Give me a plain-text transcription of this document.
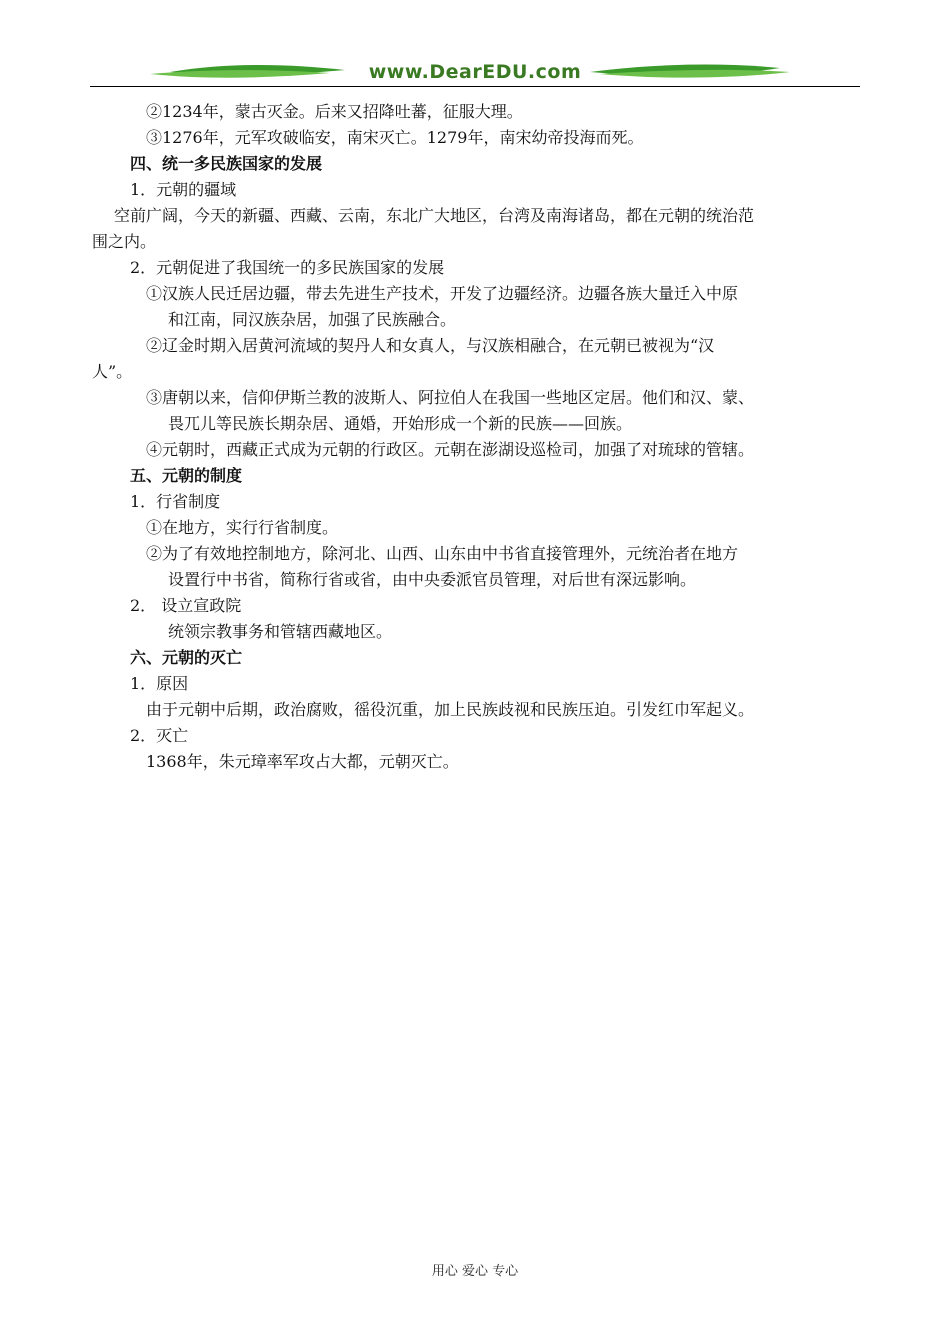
www.DearEDU.com
②1234年，蒙古灭金。后来又招降吐蕃，征服大理。
③1276年，元军攻破临安，南宋灭亡。1279年，南宋幼帝投海而死。
四、统一多民族国家的发展
1．元朝的疆域
空前广阔，今天的新疆、西藏、云南，东北广大地区，台湾及南海诸岛，都在元朝的统治范
围之内。
2．元朝促进了我国统一的多民族国家的发展
①汉族人民迁居边疆，带去先进生产技术，开发了边疆经济。边疆各族大量迁入中原
和江南，同汉族杂居，加强了民族融合。
②辽金时期入居黄河流域的契丹人和女真人，与汉族相融合，在元朝已被视为“汉
人”。
③唐朝以来，信仰伊斯兰教的波斯人、阿拉伯人在我国一些地区定居。他们和汉、蒙、
畏兀儿等民族长期杂居、通婚，开始形成一个新的民族——回族。
④元朝时，西藏正式成为元朝的行政区。元朝在澎湖设巡检司，加强了对琉球的管辖。
五、元朝的制度
1．行省制度
①在地方，实行行省制度。
②为了有效地控制地方，除河北、山西、山东由中书省直接管理外，元统治者在地方
设置行中书省，简称行省或省，由中央委派官员管理，对后世有深远影响。
2． 设立宣政院
统领宗教事务和管辖西藏地区。
六、元朝的灭亡
1．原因
由于元朝中后期，政治腐败，徭役沉重，加上民族歧视和民族压迫。引发红巾军起义。
2．灭亡
1368年，朱元璋率军攻占大都，元朝灭亡。
用心 爱心 专心
